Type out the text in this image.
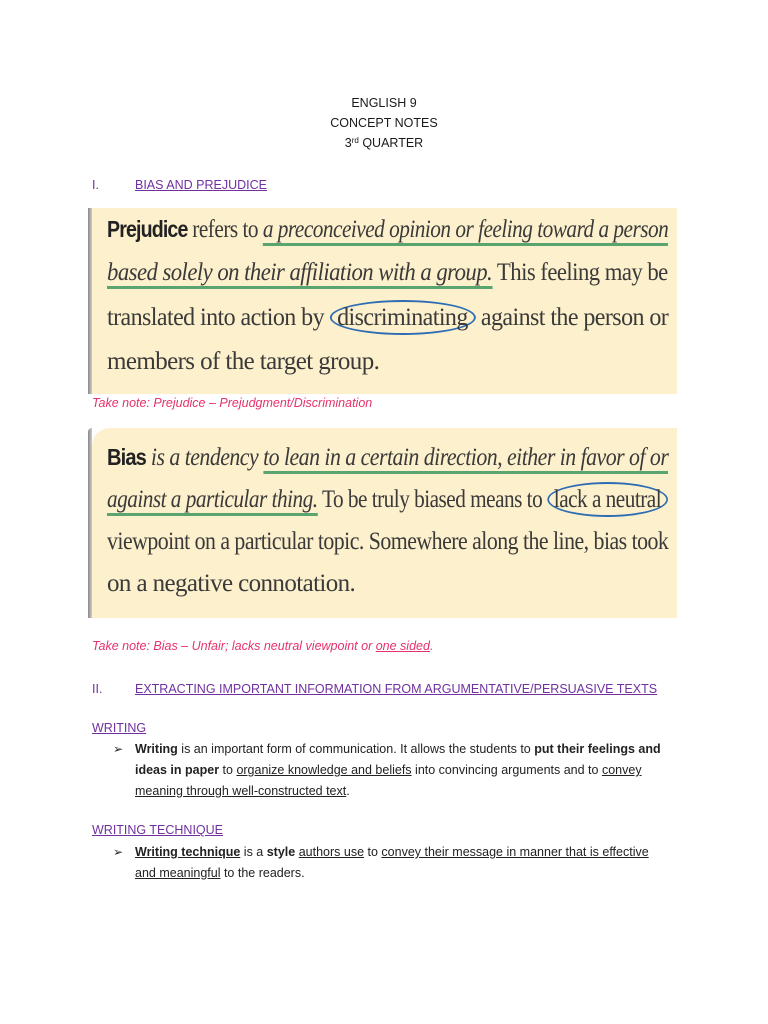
ENGLISH 9
CONCEPT NOTES
3rd QUARTER
I.	BIAS AND PREJUDICE
Prejudice refers to a preconceived opinion or feeling toward a person
based solely on their affiliation with a group. This feeling may be
translated into action by discriminating against the person or
members of the target group.
Take note: Prejudice – Prejudgment/Discrimination
Bias is a tendency to lean in a certain direction, either in favor of or
against a particular thing. To be truly biased means to lack a neutral
viewpoint on a particular topic. Somewhere along the line, bias took
on a negative connotation.
Take note: Bias – Unfair; lacks neutral viewpoint or one sided.
II.	EXTRACTING IMPORTANT INFORMATION FROM ARGUMENTATIVE/PERSUASIVE TEXTS
WRITING
➢ Writing is an important form of communication. It allows the students to put their feelings and ideas in paper to organize knowledge and beliefs into convincing arguments and to convey meaning through well-constructed text.
WRITING TECHNIQUE
➢ Writing technique is a style authors use to convey their message in manner that is effective and meaningful to the readers.
